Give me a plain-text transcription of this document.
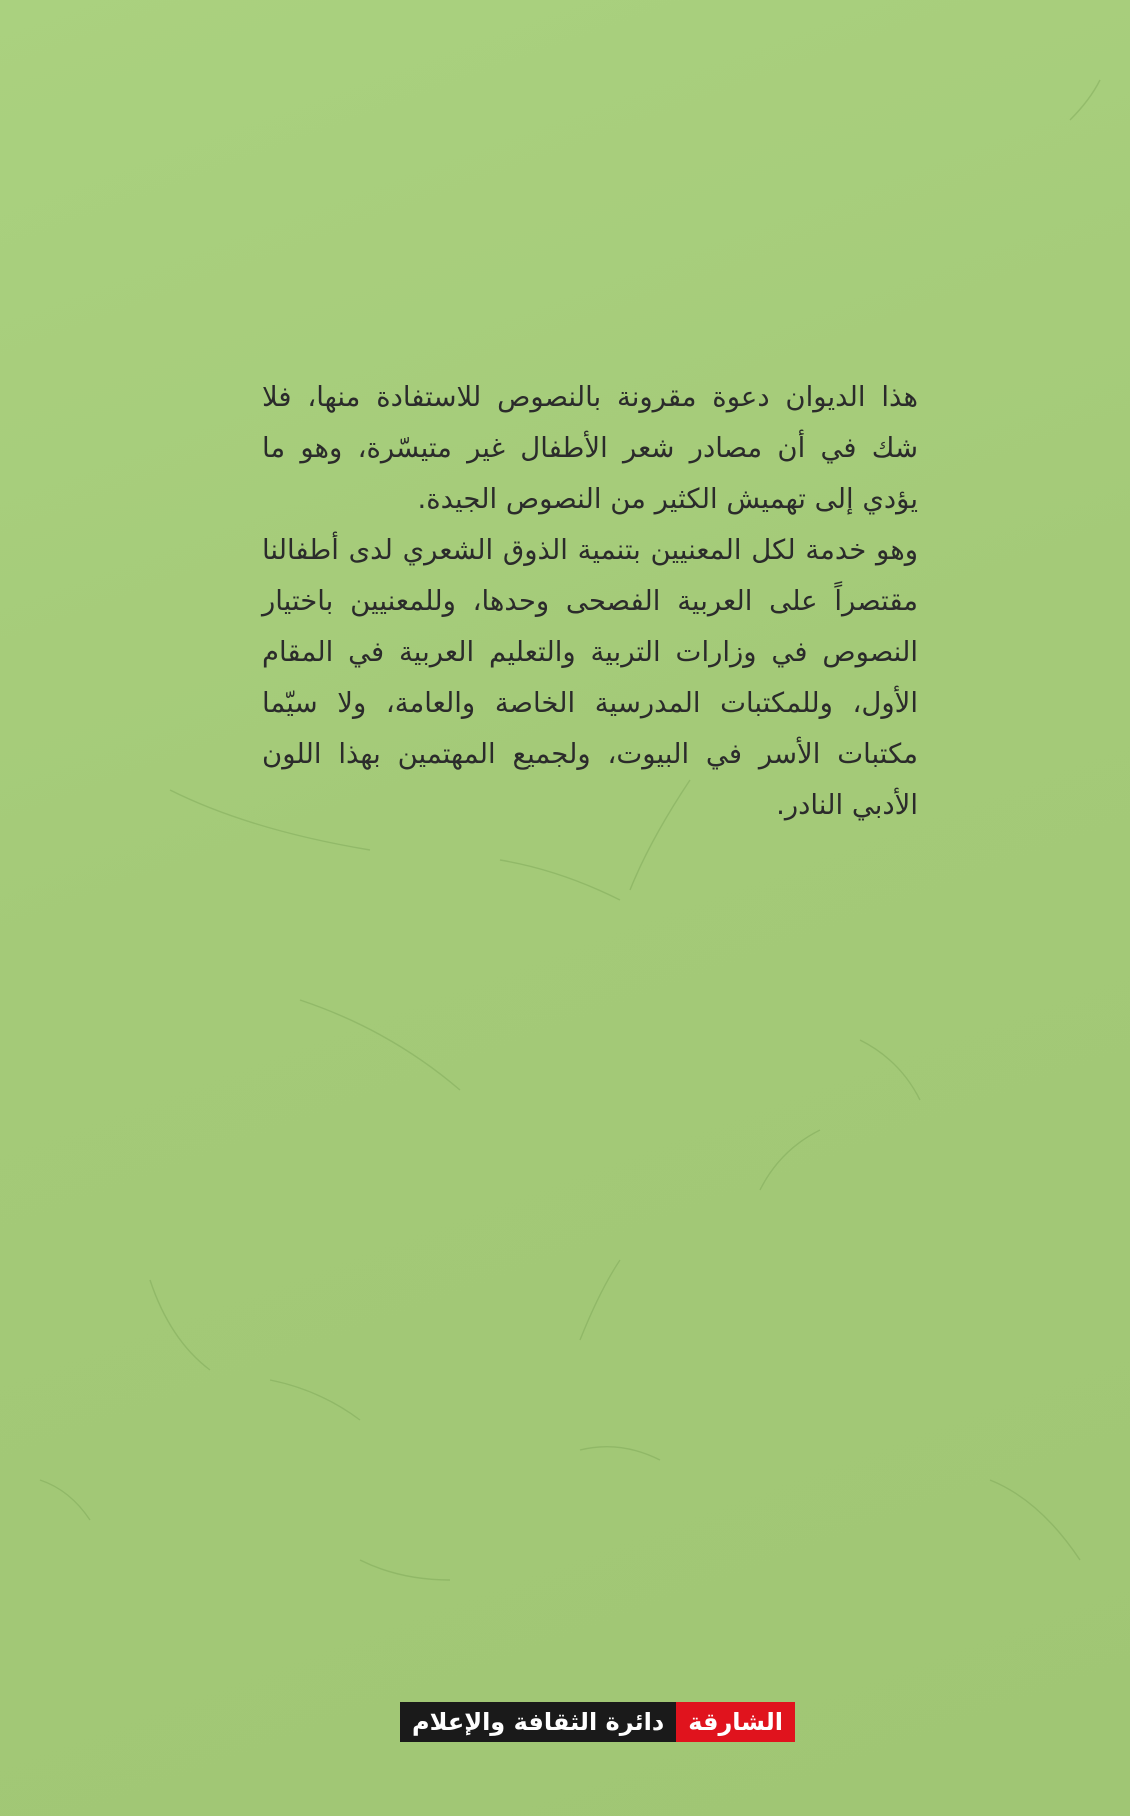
هذا الديوان دعوة مقرونة بالنصوص للاستفادة منها، فلا شك في أن مصادر شعر الأطفال غير متيسّرة، وهو ما يؤدي إلى تهميش الكثير من النصوص الجيدة.

وهو خدمة لكل المعنيين بتنمية الذوق الشعري لدى أطفالنا مقتصراً على العربية الفصحى وحدها، وللمعنيين باختيار النصوص في وزارات التربية والتعليم العربية في المقام الأول، وللمكتبات المدرسية الخاصة والعامة، ولا سيّما مكتبات الأسر في البيوت، ولجميع المهتمين بهذا اللون الأدبي النادر.

دائرة الثقافة والإعلام	الشارقة
